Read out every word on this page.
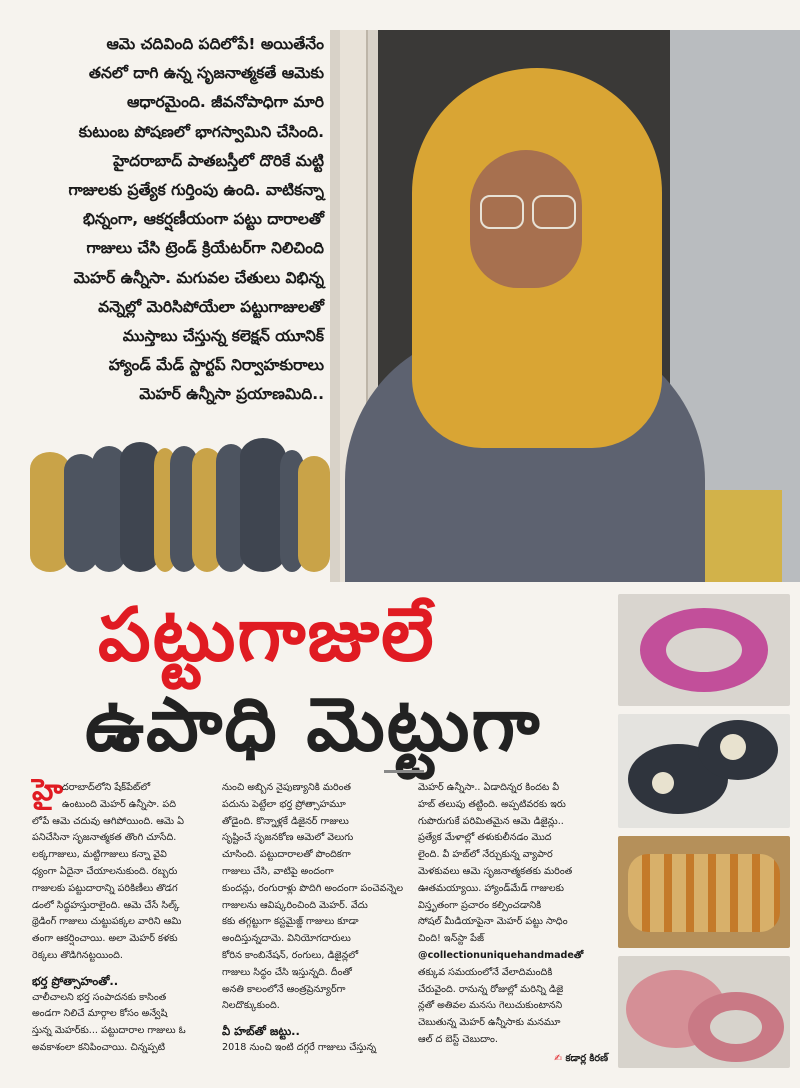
ఆమె చదివింది పదిలోపే! అయితేనేం
తనలో దాగి ఉన్న సృజనాత్మకతే ఆమెకు
ఆధారమైంది. జీవనోపాధిగా మారి
కుటుంబ పోషణలో భాగస్వామిని చేసింది.
హైదరాబాద్ పాతబస్తీలో దొరికే మట్టి
గాజులకు ప్రత్యేక గుర్తింపు ఉంది. వాటికన్నా
భిన్నంగా, ఆకర్షణీయంగా పట్టు దారాలతో
గాజులు చేసి ట్రెండ్ క్రియేటర్‌గా నిలిచింది
మెహర్ ఉన్నీసా. మగువల చేతులు విభిన్న
వన్నెల్లో మెరిసిపోయేలా పట్టుగాజులతో
ముస్తాబు చేస్తున్న కలెక్షన్ యూనిక్
హ్యాండ్ మేడ్ స్టార్టప్ నిర్వాహకురాలు
మెహర్ ఉన్నీసా ప్రయాణమిది..
పట్టుగాజులే
ఉపాధి మెట్టుగా
హై దరాబాద్‌లోని షేక్‌పేట్‌లో
ఉంటుంది మెహర్ ఉన్నీసా. పది
లోపే ఆమె చదువు ఆగిపోయింది. ఆమె ఏ
పనిచేసినా సృజనాత్మకత తొంగి చూసేది.
లక్కగాజులు, మట్టిగాజులు కన్నా వైవి
ధ్యంగా ఏదైనా చేయాలనుకుంది. రబ్బరు
గాజులకు పట్టుదారాన్ని పరికిణీలు తొడగ
డంలో సిద్ధహస్తురాలైంది. ఆమె చేసే సిల్క్
థ్రెడింగ్ గాజులు చుట్టుపక్కల వారిని ఆమి
తంగా ఆకర్షించాయి. అలా మెహర్ కళకు
రెక్కలు తొడిగినట్టయింది.
భర్త ప్రోత్సాహంతో..
చాలీచాలని భర్త సంపాదనకు కాసింత
అండగా నిలిచే మార్గాల కోసం అన్వేషి
స్తున్న మెహర్‌కు... పట్టుదారాల గాజులు ఓ
అవకాశంలా కనిపించాయి. చిన్నప్పటి
నుంచి అబ్బిన నైపుణ్యానికి మరింత
పదును పెట్టేలా భర్త ప్రోత్సాహమూ
తోడైంది. కొన్నాళ్లకే డిజైనర్ గాజులు
సృష్టించే సృజనకోణ ఆమెలో వెలుగు
చూసింది. పట్టుదారాలతో పొందికగా
గాజులు చేసి, వాటిపై అందంగా
కుందన్లు, రంగురాళ్లు పొదిగి అందంగా పంచెవన్నెల
గాజులను ఆవిష్కరించింది మెహర్. వేదు
కకు తగ్గట్టుగా కస్టమైజ్డ్ గాజులు కూడా
అందిస్తున్నదామె. వినియోగదారులు
కోరిన కాంబినేషన్, రంగులు, డిజైన్లలో
గాజులు సిద్ధం చేసి ఇస్తున్నది. దీంతో
అనతి కాలంలోనే ఆంత్రప్రెన్యూర్‌గా
నిలదొక్కుకుంది.
వీ హబ్‌తో జట్టు..
2018 నుంచి ఇంటి దగ్గరే గాజులు చేస్తున్న
మెహర్ ఉన్నీసా.. ఏడాదిన్నర కిందట వీ
హబ్ తలుపు తట్టింది. అప్పటివరకు ఇరు
గుపొరుగుకే పరిమితమైన ఆమె డిజైన్లు..
ప్రత్యేక మేళాల్లో తళుకులీనడం మొద
లైంది. వీ హబ్‌లో నేర్చుకున్న వ్యాపార
మెళకువలు ఆమె సృజనాత్మకతకు మరింత
ఊతమయ్యాయి. హ్యాండ్‌మేడ్ గాజులకు
విస్తృతంగా ప్రచారం కల్పించడానికి
సోషల్ మీడియాపైనా మెహర్ పట్టు సాధిం
చింది! ఇన్‌స్టా పేజ్
@collectionuniquehandmadeతో
తక్కువ సమయంలోనే వేలాదిమందికి
చేరువైంది. రానున్న రోజుల్లో మరిన్ని డిజై
న్లతో అతివల మనసు గెలుచుకుంటానని
చెబుతున్న మెహర్ ఉన్నీసాకు మనమూ
ఆల్ ద బెస్ట్ చెబుదాం.
✍ కడార్ల కిరణ్
